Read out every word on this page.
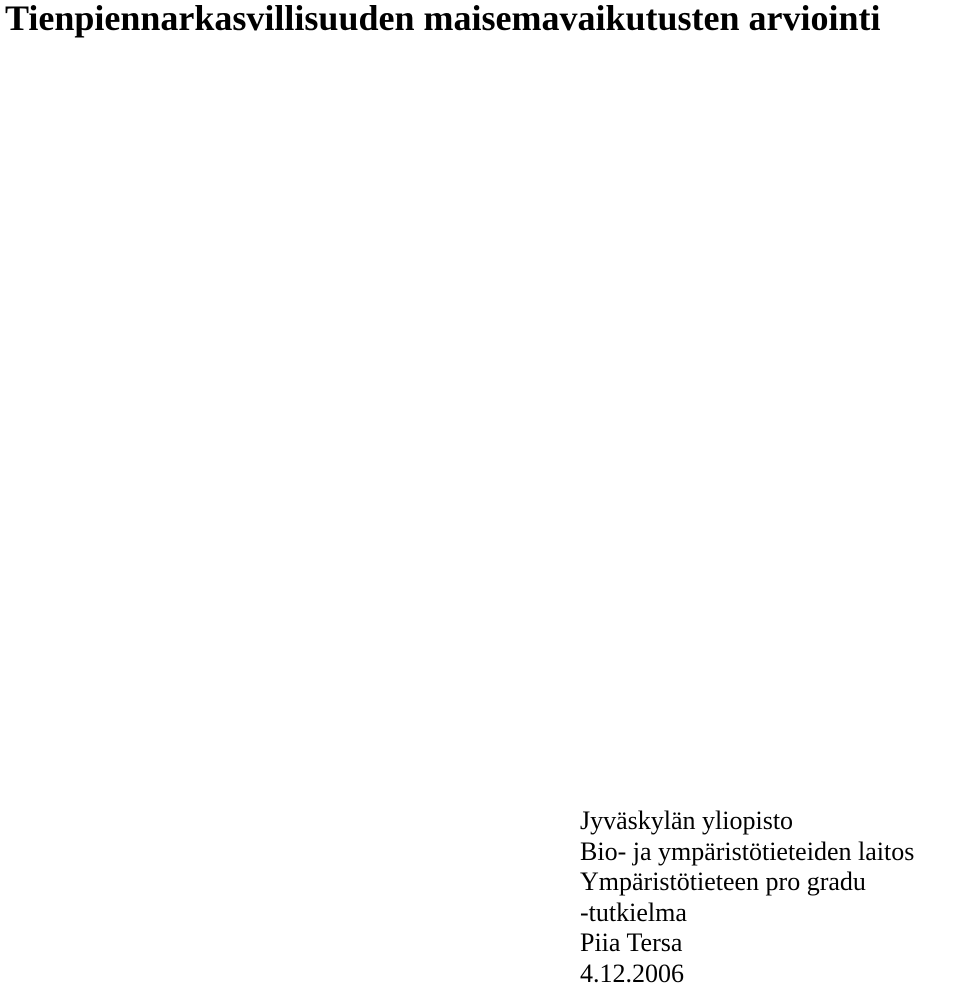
Tienpiennarkasvillisuuden maisemavaikutusten arviointi
Jyväskylän yliopisto
Bio- ja ympäristötieteiden laitos
Ympäristötieteen pro gradu
-tutkielma
Piia Tersa
4.12.2006
